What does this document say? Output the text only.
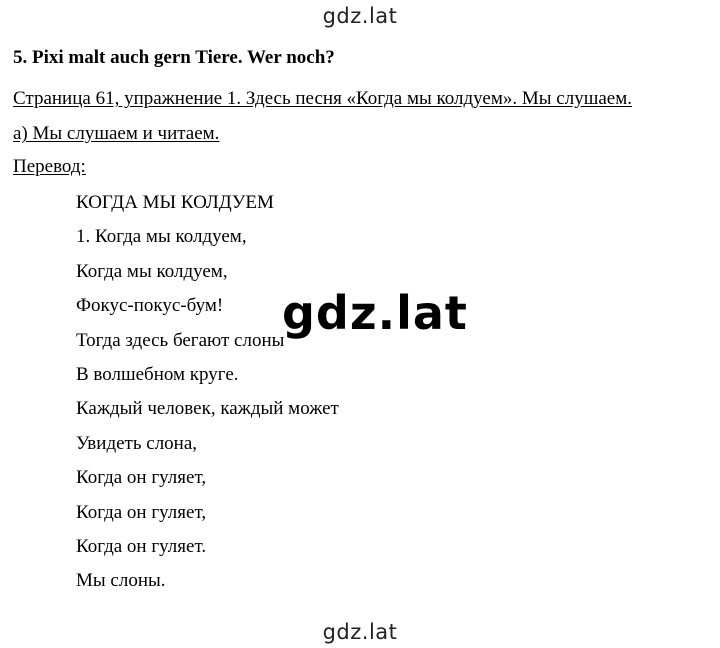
gdz.lat
5. Pixi malt auch gern Tiere. Wer noch?
Страница 61, упражнение 1. Здесь песня «Когда мы колдуем». Мы слушаем.
а) Мы слушаем и читаем.
Перевод:
КОГДА МЫ КОЛДУЕМ
1. Когда мы колдуем,
Когда мы колдуем,
Фокус-покус-бум!
Тогда здесь бегают слоны
В волшебном круге.
Каждый человек, каждый может
Увидеть слона,
Когда он гуляет,
Когда он гуляет,
Когда он гуляет.
Мы слоны.
gdz.lat
gdz.lat
